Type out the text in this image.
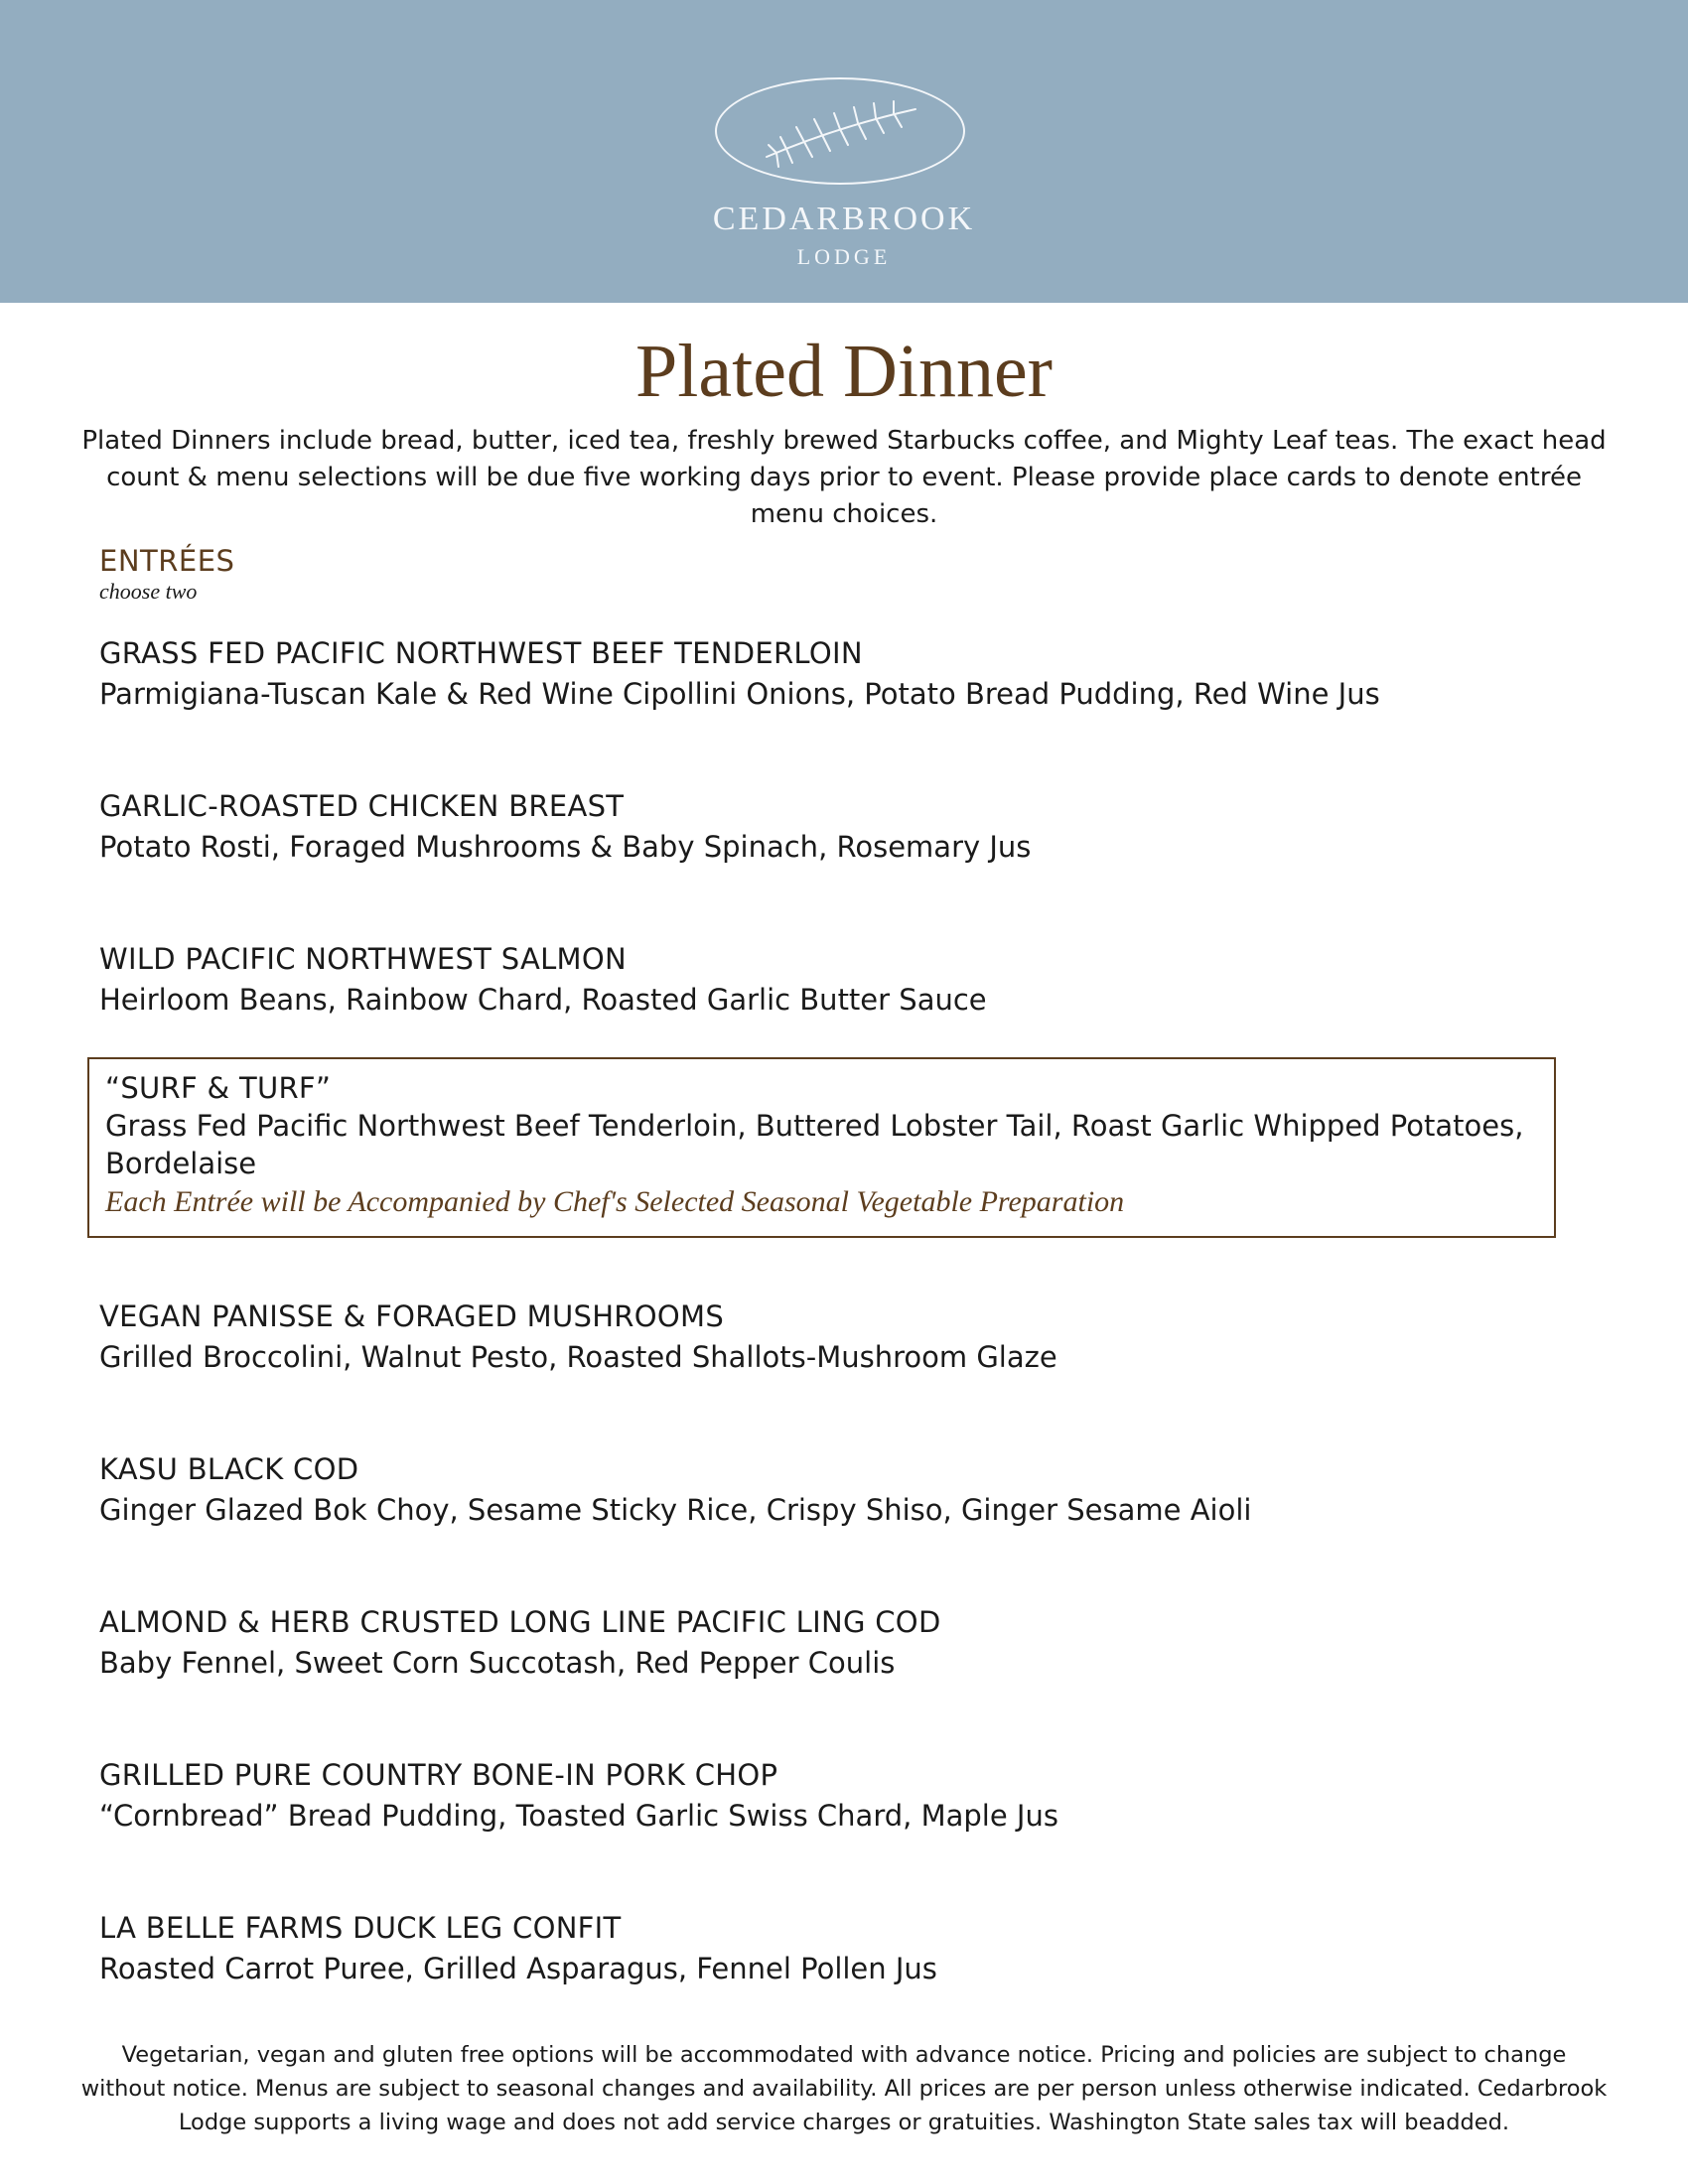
CEDARBROOK
LODGE
Plated Dinner
Plated Dinners include bread, butter, iced tea, freshly brewed Starbucks coffee, and Mighty Leaf teas. The exact head count & menu selections will be due five working days prior to event. Please provide place cards to denote entrée menu choices.
ENTRÉES
choose two
GRASS FED PACIFIC NORTHWEST BEEF TENDERLOIN
Parmigiana-Tuscan Kale & Red Wine Cipollini Onions, Potato Bread Pudding, Red Wine Jus
GARLIC-ROASTED CHICKEN BREAST
Potato Rosti, Foraged Mushrooms & Baby Spinach, Rosemary Jus
WILD PACIFIC NORTHWEST SALMON
Heirloom Beans, Rainbow Chard, Roasted Garlic Butter Sauce
“SURF & TURF”
Grass Fed Pacific Northwest Beef Tenderloin, Buttered Lobster Tail, Roast Garlic Whipped Potatoes, Bordelaise
Each Entrée will be Accompanied by Chef's Selected Seasonal Vegetable Preparation
VEGAN PANISSE & FORAGED MUSHROOMS
Grilled Broccolini, Walnut Pesto, Roasted Shallots-Mushroom Glaze
KASU BLACK COD
Ginger Glazed Bok Choy, Sesame Sticky Rice, Crispy Shiso, Ginger Sesame Aioli
ALMOND & HERB CRUSTED LONG LINE PACIFIC LING COD
Baby Fennel, Sweet Corn Succotash, Red Pepper Coulis
GRILLED PURE COUNTRY BONE-IN PORK CHOP
“Cornbread” Bread Pudding, Toasted Garlic Swiss Chard, Maple Jus
LA BELLE FARMS DUCK LEG CONFIT
Roasted Carrot Puree, Grilled Asparagus, Fennel Pollen Jus
Vegetarian, vegan and gluten free options will be accommodated with advance notice. Pricing and policies are subject to change without notice. Menus are subject to seasonal changes and availability. All prices are per person unless otherwise indicated. Cedarbrook Lodge supports a living wage and does not add service charges or gratuities. Washington State sales tax will beadded.
